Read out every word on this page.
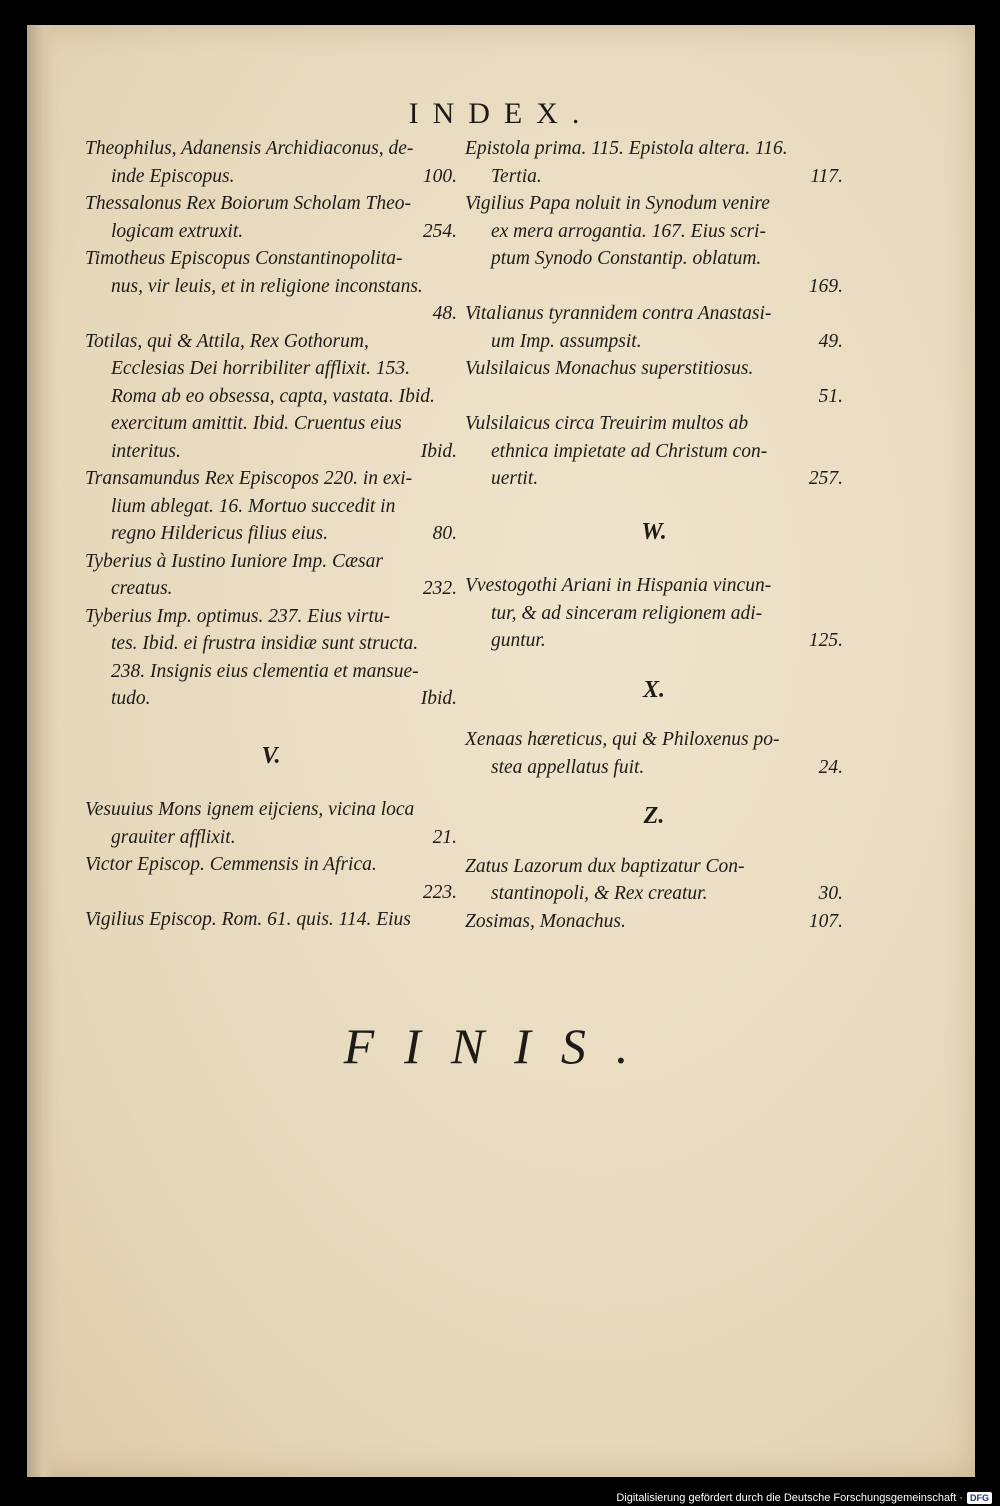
INDEX.
Theophilus, Adanensis Archidiaconus, de-
inde Episcopus.	100.
Thessalonus Rex Boiorum Scholam Theo-
logicam extruxit.	254.
Timotheus Episcopus Constantinopolita-
nus, vir leuis, et in religione inconstans.
48.
Totilas, qui & Attila, Rex Gothorum,
Ecclesias Dei horribiliter afflixit. 153.
Roma ab eo obsessa, capta, vastata. Ibid.
exercitum amittit. Ibid. Cruentus eius
interitus.	Ibid.
Transamundus Rex Episcopos 220. in exi-
lium ablegat. 16. Mortuo succedit in
regno Hildericus filius eius.	80.
Tyberius à Iustino Iuniore Imp. Cæsar
creatus.	232.
Tyberius Imp. optimus. 237. Eius virtu-
tes. Ibid. ei frustra insidiæ sunt structa.
238. Insignis eius clementia et mansue-
tudo.	Ibid.
V.
Vesuuius Mons ignem eijciens, vicina loca
grauiter afflixit.	21.
Victor Episcop. Cemmensis in Africa.
223.
Vigilius Episcop. Rom. 61. quis. 114. Eius
Epistola prima. 115. Epistola altera. 116.
Tertia.	117.
Vigilius Papa noluit in Synodum venire
ex mera arrogantia. 167. Eius scri-
ptum Synodo Constantip. oblatum.
169.
Vitalianus tyrannidem contra Anastasi-
um Imp. assumpsit.	49.
Vulsilaicus Monachus superstitiosus.
51.
Vulsilaicus circa Treuirim multos ab
ethnica impietate ad Christum con-
uertit.	257.
W.
Vvestogothi Ariani in Hispania vincun-
tur, & ad sinceram religionem adi-
guntur.	125.
X.
Xenaas hæreticus, qui & Philoxenus po-
stea appellatus fuit.	24.
Z.
Zatus Lazorum dux baptizatur Con-
stantinopoli, & Rex creatur.	30.
Zosimas, Monachus.	107.
FINIS.
Digitalisierung gefördert durch die Deutsche Forschungsgemeinschaft · DFG
